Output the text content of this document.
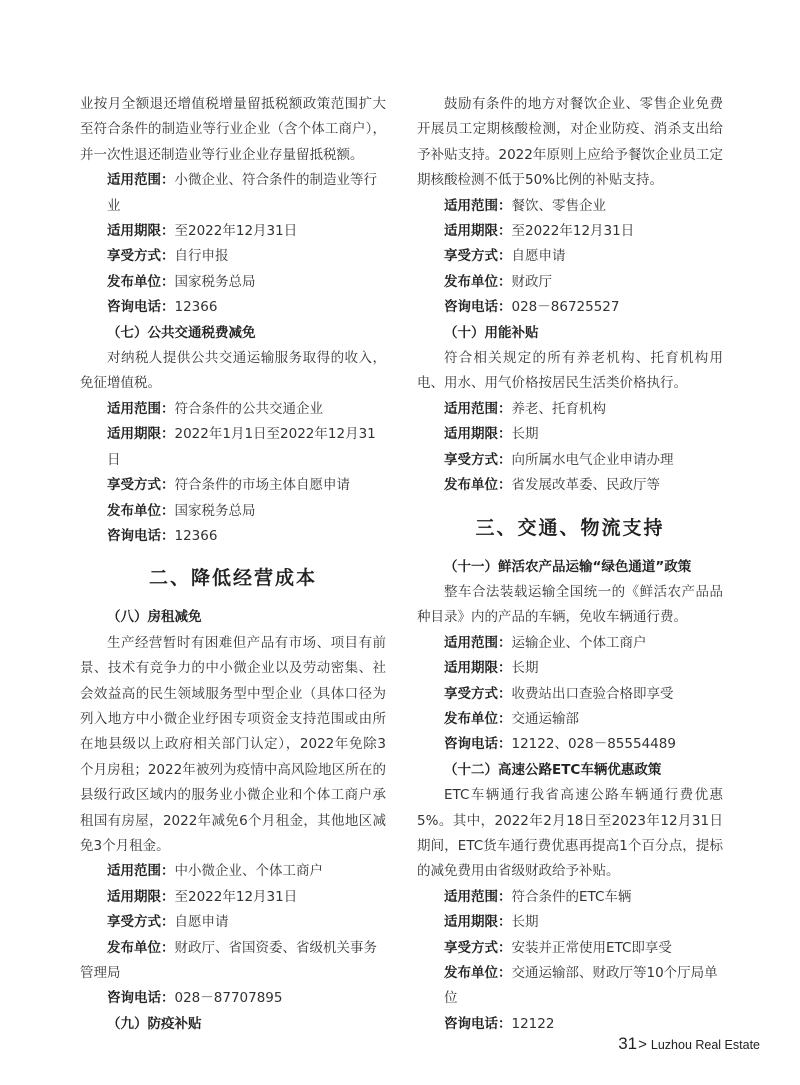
业按月全额退还增值税增量留抵税额政策范围扩大至符合条件的制造业等行业企业（含个体工商户），并一次性退还制造业等行业企业存量留抵税额。

适用范围：小微企业、符合条件的制造业等行业

适用期限：至2022年12月31日

享受方式：自行申报

发布单位：国家税务总局

咨询电话：12366

（七）公共交通税费减免

对纳税人提供公共交通运输服务取得的收入，免征增值税。

适用范围：符合条件的公共交通企业

适用期限：2022年1月1日至2022年12月31日

享受方式：符合条件的市场主体自愿申请

发布单位：国家税务总局

咨询电话：12366

二、降低经营成本

（八）房租减免

生产经营暂时有困难但产品有市场、项目有前景、技术有竞争力的中小微企业以及劳动密集、社会效益高的民生领域服务型中型企业（具体口径为列入地方中小微企业纾困专项资金支持范围或由所在地县级以上政府相关部门认定），2022年免除3个月房租；2022年被列为疫情中高风险地区所在的县级行政区域内的服务业小微企业和个体工商户承租国有房屋，2022年减免6个月租金，其他地区减免3个月租金。

适用范围：中小微企业、个体工商户

适用期限：至2022年12月31日

享受方式：自愿申请

发布单位：财政厅、省国资委、省级机关事务管理局

咨询电话：028－87707895

（九）防疫补贴

鼓励有条件的地方对餐饮企业、零售企业免费开展员工定期核酸检测，对企业防疫、消杀支出给予补贴支持。2022年原则上应给予餐饮企业员工定期核酸检测不低于50%比例的补贴支持。

适用范围：餐饮、零售企业

适用期限：至2022年12月31日

享受方式：自愿申请

发布单位：财政厅

咨询电话：028－86725527

（十）用能补贴

符合相关规定的所有养老机构、托育机构用电、用水、用气价格按居民生活类价格执行。

适用范围：养老、托育机构

适用期限：长期

享受方式：向所属水电气企业申请办理

发布单位：省发展改革委、民政厅等

三、交通、物流支持

（十一）鲜活农产品运输“绿色通道”政策

整车合法装载运输全国统一的《鲜活农产品品种目录》内的产品的车辆，免收车辆通行费。

适用范围：运输企业、个体工商户

适用期限：长期

享受方式：收费站出口查验合格即享受

发布单位：交通运输部

咨询电话：12122、028－85554489

（十二）高速公路ETC车辆优惠政策

ETC车辆通行我省高速公路车辆通行费优惠5%。其中，2022年2月18日至2023年12月31日期间，ETC货车通行费优惠再提高1个百分点，提标的减免费用由省级财政给予补贴。

适用范围：符合条件的ETC车辆

适用期限：长期

享受方式：安装并正常使用ETC即享受

发布单位：交通运输部、财政厅等10个厅局单位

咨询电话：12122

31> Luzhou Real Estate
